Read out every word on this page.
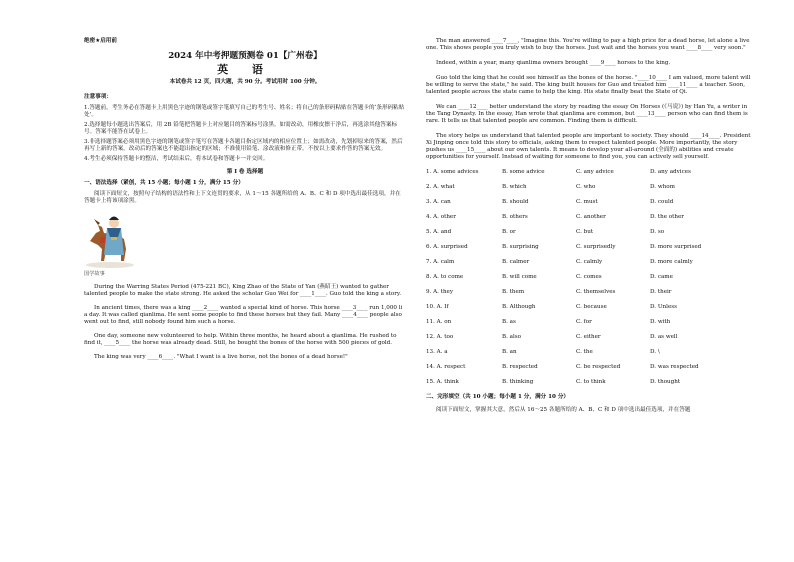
绝密★启用前
2024 年中考押题预测卷 01【广州卷】
英 语
本试卷共 12 页，四大题，共 90 分。考试用时 100 分钟。
注意事项：

1.答题前，考生务必在答题卡上用黑色字迹的钢笔或签字笔填写自己的考生号、姓名；将自己的条形码粘贴在答题卡的‘条形码粘贴处’。

2.选择题每小题选出答案后，用 2B 铅笔把答题卡上对应题目的答案标号涂黑。如需改动，用橡皮擦干净后，再选涂其他答案标号。答案不能答在试卷上。

3.非选择题答案必须用黑色字迹的钢笔或签字笔写在答题卡各题目指定区域内的相应位置上；如需改动，先划掉原来的答案，然后再写上新的答案，改动后的答案也不能超出指定的区域；不准使用铅笔、涂改液和修正带。不按以上要求作答的答案无效。

4.考生必须保持答题卡的整洁，考试结束后，将本试卷和答题卡一并交回。

第 I 卷 选择题
一、语法选择（紧创，共 15 小题；每小题 1 分，满分 15 分）

阅读下面短文，按照句子结构的语法性和上下文连贯的要求，从 1～15 各题所给的 A、B、C 和 D 项中选出最佳选项，并在答题卡上将该项涂黑。

国学故事

During the Warring States Period (475-221 BC), King Zhao of the State of Yan (燕昭王) wanted to gather talented people to make the state strong. He asked the scholar Guo Wei for ____1____. Guo told the king a story.

In ancient times, there was a king ____2____ wanted a special kind of horse. This horse ____3____ run 1,000 li a day. It was called qianlima. He sent some people to find these horses but they fail. Many ____4____ people also went out to find, still nobody found him such a horse.

One day, someone new volunteered to help. Within three months, he heard about a qianlima. He rushed to find it, ____5____ the horse was already dead. Still, he bought the bones of the horse with 500 pieces of gold.

The king was very ____6____. "What I want is a live horse, not the bones of a dead horse!"

The man answered ____7____, "Imagine this. You're willing to pay a high price for a dead horse, let alone a live one. This shows people you truly wish to buy the horses. Just wait and the horses you want ____8____ very soon."

Indeed, within a year, many qianlima owners brought ____9____ horses to the king.

Guo told the king that he could see himself as the bones of the horse. "____10____ I am valued, more talent will be willing to serve the state," he said. The king built houses for Guo and treated him ____11____ a teacher. Soon, talented people across the state came to help the king. His state finally beat the State of Qi.

We can ____12____ better understand the story by reading the essay On Horses (《马说》) by Han Yu, a writer in the Tang Dynasty. In the essay, Han wrote that qianlima are common, but ____13____ person who can find them is rare. It tells us that talented people are common. Finding them is difficult.

The story helps us understand that talented people are important to society. They should ____14____. President Xi Jinping once told this story to officials, asking them to respect talented people. More importantly, the story pushes us ____15____ about our own talents. It means to develop your all-around (全面的) abilities and create opportunities for yourself. Instead of waiting for someone to find you, you can actively sell yourself.

1. A. some advices	B. some advice	C. any advice	D. any advices
2. A. what	B. which	C. who	D. whom
3. A. can	B. should	C. must	D. could
4. A. other	B. others	C. another	D. the other
5. A. and	B. or	C. but	D. so
6. A. surprised	B. surprising	C. surprisedly	D. more surprised
7. A. calm	B. calmer	C. calmly	D. more calmly
8. A. to come	B. will come	C. comes	D. came
9. A. they	B. them	C. themselves	D. their
10. A. If	B. Although	C. because	D. Unless
11. A. on	B. as	C. for	D. with
12. A. too	B. also	C. either	D. as well
13. A. a	B. an	C. the	D. \
14. A. respect	B. respected	C. be respected	D. was respected
15. A. think	B. thinking	C. to think	D. thought
二、完形填空（共 10 小题；每小题 1 分，满分 10 分）

阅读下面短文，掌握其大意，然后从 16～25 各题所给的 A、B、C 和 D 项中选出最佳选项，并在答题
